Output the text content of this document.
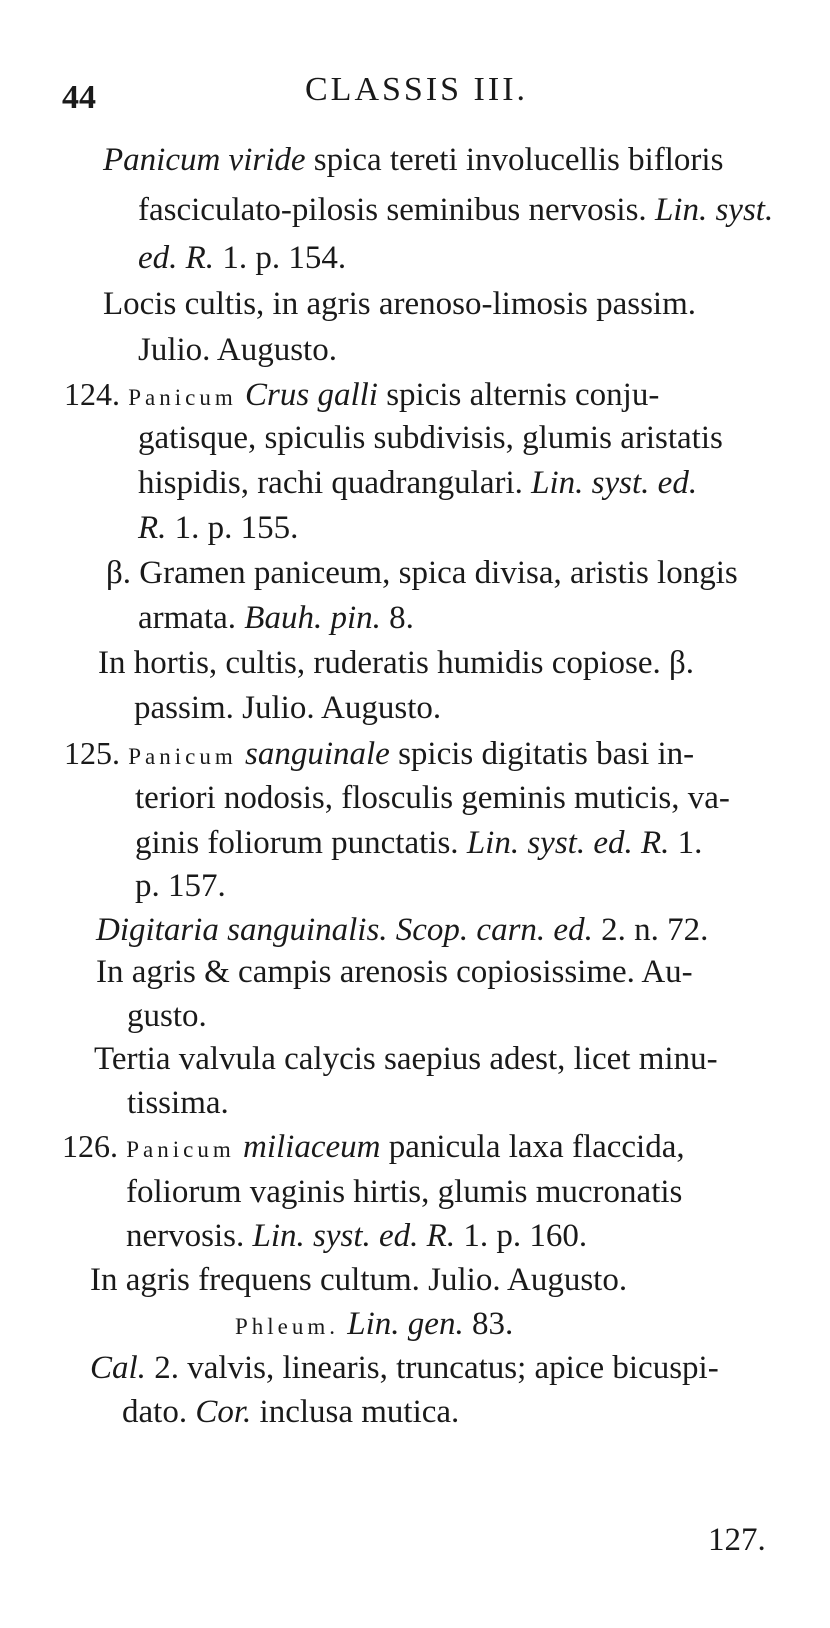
44	CLASSIS III.
Panicum viride spica tereti involucellis bifloris
fasciculato-pilosis seminibus nervosis. Lin. syst.
ed. R. 1. p. 154.
Locis cultis, in agris arenoso-limosis passim.
Julio. Augusto.
124. Panicum Crus galli spicis alternis conju-
gatisque, spiculis subdivisis, glumis aristatis
hispidis, rachi quadrangulari. Lin. syst. ed.
R. 1. p. 155.
β. Gramen paniceum, spica divisa, aristis longis
armata. Bauh. pin. 8.
In hortis, cultis, ruderatis humidis copiose. β.
passim. Julio. Augusto.
125. Panicum sanguinale spicis digitatis basi in-
teriori nodosis, flosculis geminis muticis, va-
ginis foliorum punctatis. Lin. syst. ed. R. 1.
p. 157.
Digitaria sanguinalis. Scop. carn. ed. 2. n. 72.
In agris & campis arenosis copiosissime. Au-
gusto.
Tertia valvula calycis saepius adest, licet minu-
tissima.
126. Panicum miliaceum panicula laxa flaccida,
foliorum vaginis hirtis, glumis mucronatis
nervosis. Lin. syst. ed. R. 1. p. 160.
In agris frequens cultum. Julio. Augusto.
Phleum. Lin. gen. 83.
Cal. 2. valvis, linearis, truncatus; apice bicuspi-
dato. Cor. inclusa mutica.
127.
